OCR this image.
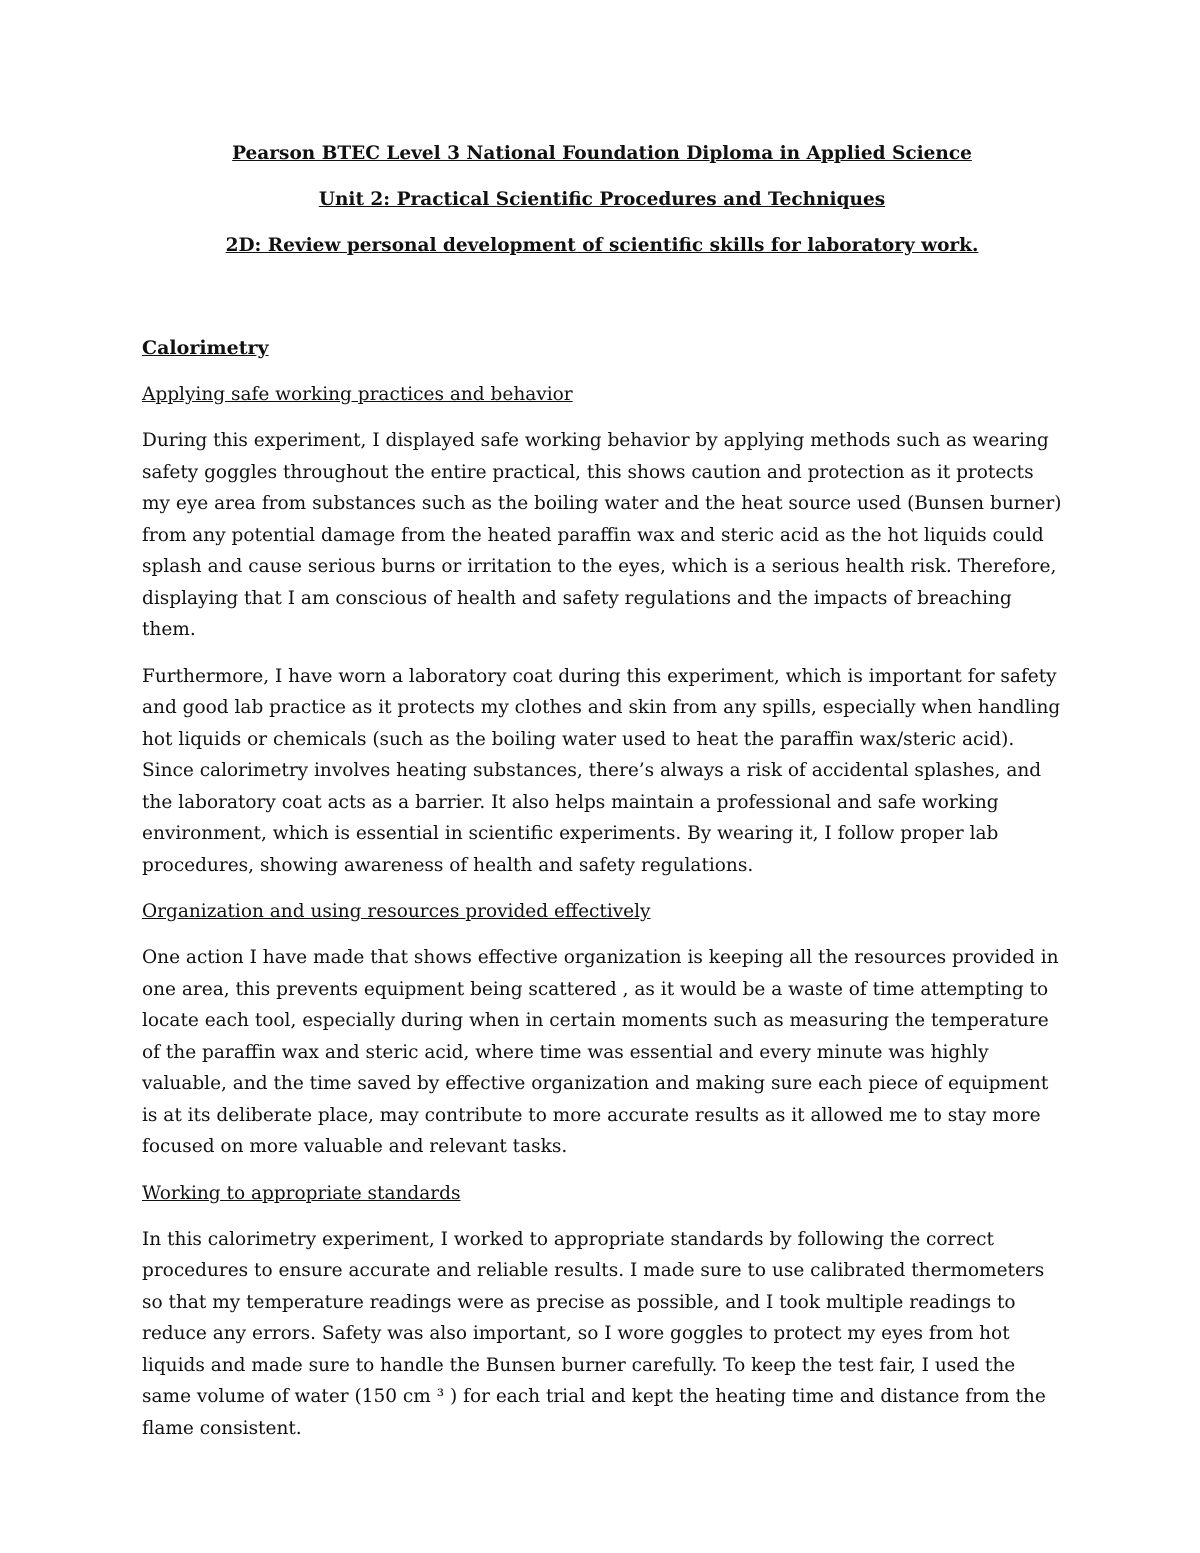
Pearson BTEC Level 3 National Foundation Diploma in Applied Science
Unit 2: Practical Scientific Procedures and Techniques
2D: Review personal development of scientific skills for laboratory work.
Calorimetry
Applying safe working practices and behavior

During this experiment, I displayed safe working behavior by applying methods such as wearing safety goggles throughout the entire practical, this shows caution and protection as it protects my eye area from substances such as the boiling water and the heat source used (Bunsen burner) from any potential damage from the heated paraffin wax and steric acid as the hot liquids could splash and cause serious burns or irritation to the eyes, which is a serious health risk. Therefore, displaying that I am conscious of health and safety regulations and the impacts of breaching them.

Furthermore, I have worn a laboratory coat during this experiment, which is important for safety and good lab practice as it protects my clothes and skin from any spills, especially when handling hot liquids or chemicals (such as the boiling water used to heat the paraffin wax/steric acid). Since calorimetry involves heating substances, there’s always a risk of accidental splashes, and the laboratory coat acts as a barrier. It also helps maintain a professional and safe working environment, which is essential in scientific experiments. By wearing it, I follow proper lab procedures, showing awareness of health and safety regulations.

Organization and using resources provided effectively

One action I have made that shows effective organization is keeping all the resources provided in one area, this prevents equipment being scattered , as it would be a waste of time attempting to locate each tool, especially during when in certain moments such as measuring the temperature of the paraffin wax and steric acid, where time was essential and every minute was highly valuable, and the time saved by effective organization and making sure each piece of equipment is at its deliberate place, may contribute to more accurate results as it allowed me to stay more focused on more valuable and relevant tasks.

Working to appropriate standards

In this calorimetry experiment, I worked to appropriate standards by following the correct procedures to ensure accurate and reliable results. I made sure to use calibrated thermometers so that my temperature readings were as precise as possible, and I took multiple readings to reduce any errors. Safety was also important, so I wore goggles to protect my eyes from hot liquids and made sure to handle the Bunsen burner carefully. To keep the test fair, I used the same volume of water (150 cm ³ ) for each trial and kept the heating time and distance from the flame consistent.
